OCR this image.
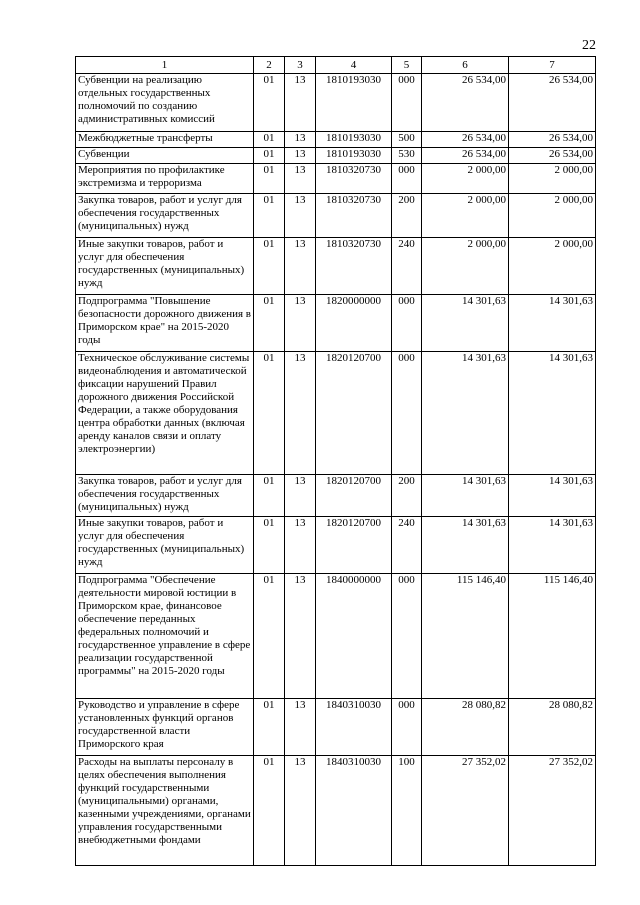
22
1	2	3	4	5	6	7
Субвенции на реализацию отдельных государственных полномочий по созданию административных комиссий	01	13	1810193030	000	26 534,00	26 534,00
Межбюджетные трансферты	01	13	1810193030	500	26 534,00	26 534,00
Субвенции	01	13	1810193030	530	26 534,00	26 534,00
Мероприятия по профилактике экстремизма и терроризма	01	13	1810320730	000	2 000,00	2 000,00
Закупка товаров, работ и услуг для обеспечения государственных (муниципальных) нужд	01	13	1810320730	200	2 000,00	2 000,00
Иные закупки товаров, работ и услуг для обеспечения государственных (муниципальных) нужд	01	13	1810320730	240	2 000,00	2 000,00
Подпрограмма "Повышение безопасности дорожного движения в Приморском крае" на 2015-2020 годы	01	13	1820000000	000	14 301,63	14 301,63
Техническое обслуживание системы видеонаблюдения и автоматической фиксации нарушений Правил дорожного движения Российской Федерации, а также оборудования центра обработки данных (включая аренду каналов связи и оплату электроэнергии)	01	13	1820120700	000	14 301,63	14 301,63
Закупка товаров, работ и услуг для обеспечения государственных (муниципальных) нужд	01	13	1820120700	200	14 301,63	14 301,63
Иные закупки товаров, работ и услуг для обеспечения государственных (муниципальных) нужд	01	13	1820120700	240	14 301,63	14 301,63
Подпрограмма "Обеспечение деятельности мировой юстиции в Приморском крае, финансовое обеспечение переданных федеральных полномочий и государственное управление в сфере реализации государственной программы" на 2015-2020 годы	01	13	1840000000	000	115 146,40	115 146,40
Руководство и управление в сфере установленных функций органов государственной власти Приморского края	01	13	1840310030	000	28 080,82	28 080,82
Расходы на выплаты персоналу в целях обеспечения выполнения функций государственными (муниципальными) органами, казенными учреждениями, органами управления государственными внебюджетными фондами	01	13	1840310030	100	27 352,02	27 352,02
